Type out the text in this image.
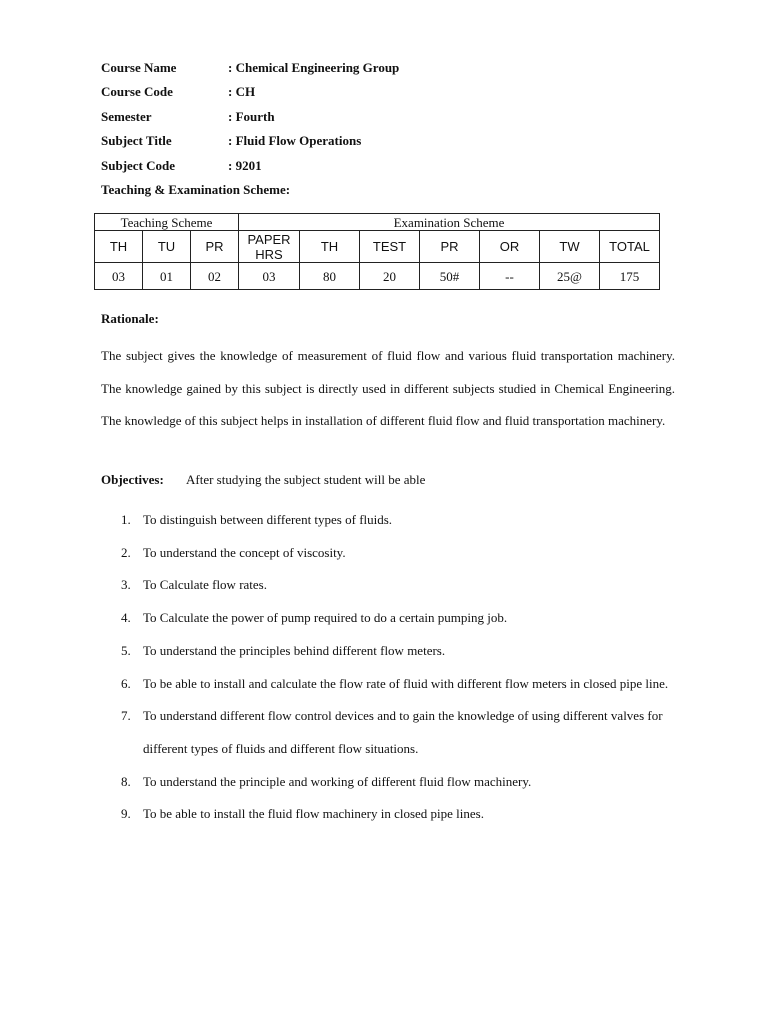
Course Name	: Chemical Engineering Group
Course Code	: CH
Semester	: Fourth
Subject Title	: Fluid Flow Operations
Subject Code	: 9201
Teaching & Examination Scheme:
Teaching Scheme			Examination Scheme						
TH	TU	PR	PAPER HRS	TH	TEST	PR	OR	TW	TOTAL
03	01	02	03	80	20	50#	--	25@	175
Rationale:

The subject gives the knowledge of measurement of fluid flow and various fluid transportation machinery. The knowledge gained by this subject is directly used in different subjects studied in Chemical Engineering. The knowledge of this subject helps in installation of different fluid flow and fluid transportation machinery.

Objectives: After studying the subject student will be able
1. To distinguish between different types of fluids.
2. To understand the concept of viscosity.
3. To Calculate flow rates.
4. To Calculate the power of pump required to do a certain pumping job.
5. To understand the principles behind different flow meters.
6. To be able to install and calculate the flow rate of fluid with different flow meters in closed pipe line.
7. To understand different flow control devices and to gain the knowledge of using different valves for different types of fluids and different flow situations.
8. To understand the principle and working of different fluid flow machinery.
9. To be able to install the fluid flow machinery in closed pipe lines.
